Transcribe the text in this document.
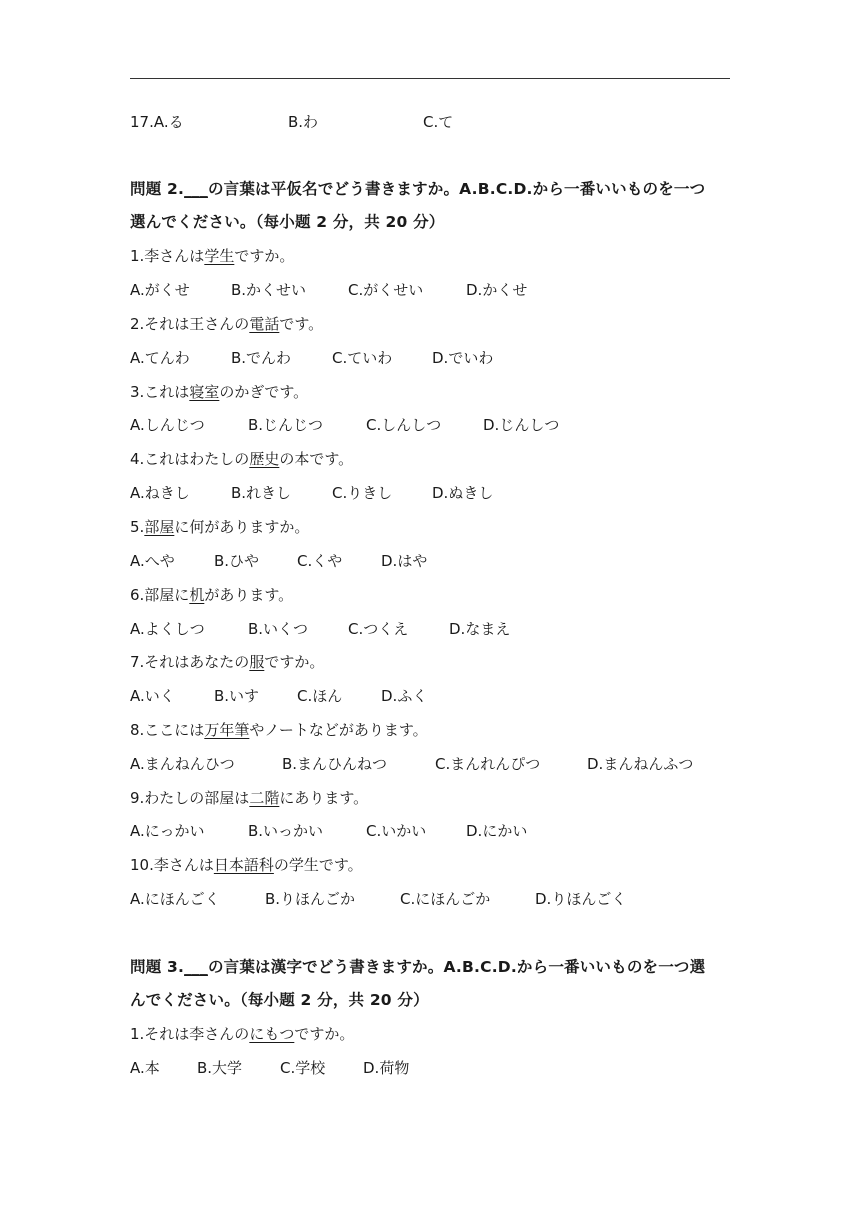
17.A.る	B.わ	C.て
問題 2.___の言葉は平仮名でどう書きますか。A.B.C.D.から一番いいものを一つ
選んでください。（每小题 2 分，共 20 分）
1.李さんは学生ですか。
A.がくせ	B.かくせい	C.がくせい	D.かくせ
2.それは王さんの電話です。
A.てんわ	B.でんわ	C.ていわ	D.でいわ
3.これは寝室のかぎです。
A.しんじつ	B.じんじつ	C.しんしつ	D.じんしつ
4.これはわたしの歴史の本です。
A.ねきし	B.れきし	C.りきし	D.ぬきし
5.部屋に何がありますか。
A.へや	B.ひや	C.くや	D.はや
6.部屋に机があります。
A.よくしつ	B.いくつ	C.つくえ	D.なまえ
7.それはあなたの服ですか。
A.いく	B.いす	C.ほん	D.ふく
8.ここには万年筆やノートなどがあります。
A.まんねんひつ	B.まんひんねつ	C.まんれんぴつ	D.まんねんふつ
9.わたしの部屋は二階にあります。
A.にっかい	B.いっかい	C.いかい	D.にかい
10.李さんは日本語科の学生です。
A.にほんごく	B.りほんごか	C.にほんごか	D.りほんごく
問題 3.___の言葉は漢字でどう書きますか。A.B.C.D.から一番いいものを一つ選
んでください。（每小题 2 分，共 20 分）
1.それは李さんのにもつですか。
A.本 B.大学	C.学校	D.荷物
